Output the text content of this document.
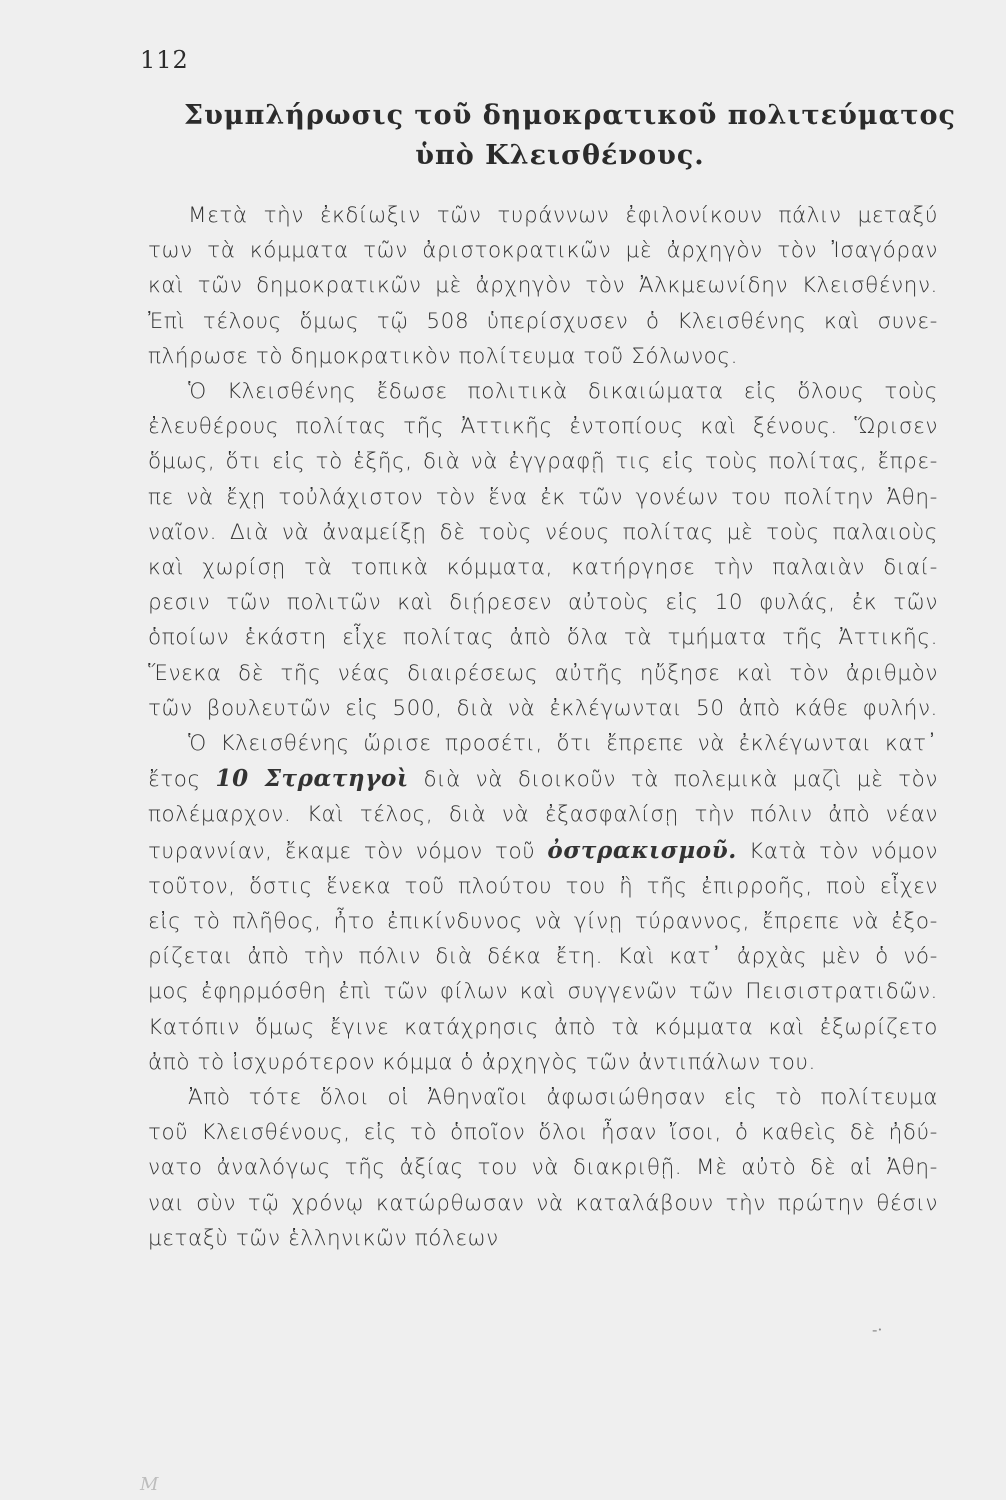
112
Συμπλήρωσις τοῦ δημοκρατικοῦ πολιτεύματος
ὑπὸ Κλεισθένους.
Μετὰ τὴν ἐκδίωξιν τῶν τυράννων ἐφιλονίκουν πάλιν μεταξύ
των τὰ κόμματα τῶν ἀριστοκρατικῶν μὲ ἀρχηγὸν τὸν Ἰσαγόραν
καὶ τῶν δημοκρατικῶν μὲ ἀρχηγὸν τὸν Ἀλκμεωνίδην Κλεισθένην.
Ἐπὶ τέλους ὅμως τῷ 508 ὑπερίσχυσεν ὁ Κλεισθένης καὶ συνε-
πλήρωσε τὸ δημοκρατικὸν πολίτευμα τοῦ Σόλωνος.
Ὁ Κλεισθένης ἔδωσε πολιτικὰ δικαιώματα εἰς ὅλους τοὺς
ἐλευθέρους πολίτας τῆς Ἀττικῆς ἐντοπίους καὶ ξένους. Ὥρισεν
ὅμως, ὅτι εἰς τὸ ἑξῆς, διὰ νὰ ἐγγραφῇ τις εἰς τοὺς πολίτας, ἔπρε-
πε νὰ ἔχῃ τοὐλάχιστον τὸν ἕνα ἐκ τῶν γονέων του πολίτην Ἀθη-
ναῖον. Διὰ νὰ ἀναμείξῃ δὲ τοὺς νέους πολίτας μὲ τοὺς παλαιοὺς
καὶ χωρίσῃ τὰ τοπικὰ κόμματα, κατήργησε τὴν παλαιὰν διαί-
ρεσιν τῶν πολιτῶν καὶ διῄρεσεν αὐτοὺς εἰς 10 φυλάς, ἐκ τῶν
ὁποίων ἑκάστη εἶχε πολίτας ἀπὸ ὅλα τὰ τμήματα τῆς Ἀττικῆς.
Ἕνεκα δὲ τῆς νέας διαιρέσεως αὐτῆς ηὔξησε καὶ τὸν ἀριθμὸν
τῶν βουλευτῶν εἰς 500, διὰ νὰ ἐκλέγωνται 50 ἀπὸ κάθε φυλήν.
Ὁ Κλεισθένης ὥρισε προσέτι, ὅτι ἔπρεπε νὰ ἐκλέγωνται κατ᾽
ἔτος 10 Στρατηγοὶ διὰ νὰ διοικοῦν τὰ πολεμικὰ μαζὶ μὲ τὸν
πολέμαρχον. Καὶ τέλος, διὰ νὰ ἐξασφαλίσῃ τὴν πόλιν ἀπὸ νέαν
τυραννίαν, ἔκαμε τὸν νόμον τοῦ ὀστρακισμοῦ. Κατὰ τὸν νόμον
τοῦτον, ὅστις ἕνεκα τοῦ πλούτου του ἢ τῆς ἐπιρροῆς, ποὺ εἶχεν
εἰς τὸ πλῆθος, ἦτο ἐπικίνδυνος νὰ γίνῃ τύραννος, ἔπρεπε νὰ ἐξο-
ρίζεται ἀπὸ τὴν πόλιν διὰ δέκα ἔτη. Καὶ κατ᾽ ἀρχὰς μὲν ὁ νό-
μος ἐφηρμόσθη ἐπὶ τῶν φίλων καὶ συγγενῶν τῶν Πεισιστρατιδῶν.
Κατόπιν ὅμως ἔγινε κατάχρησις ἀπὸ τὰ κόμματα καὶ ἐξωρίζετο
ἀπὸ τὸ ἰσχυρότερον κόμμα ὁ ἀρχηγὸς τῶν ἀντιπάλων του.
Ἀπὸ τότε ὅλοι οἱ Ἀθηναῖοι ἀφωσιώθησαν εἰς τὸ πολίτευμα
τοῦ Κλεισθένους, εἰς τὸ ὁποῖον ὅλοι ἦσαν ἴσοι, ὁ καθεὶς δὲ ἠδύ-
νατο ἀναλόγως τῆς ἀξίας του νὰ διακριθῇ. Μὲ αὐτὸ δὲ αἱ Ἀθη-
ναι σὺν τῷ χρόνῳ κατώρθωσαν νὰ καταλάβουν τὴν πρώτην θέσιν
μεταξὺ τῶν ἑλληνικῶν πόλεων
-·
M
